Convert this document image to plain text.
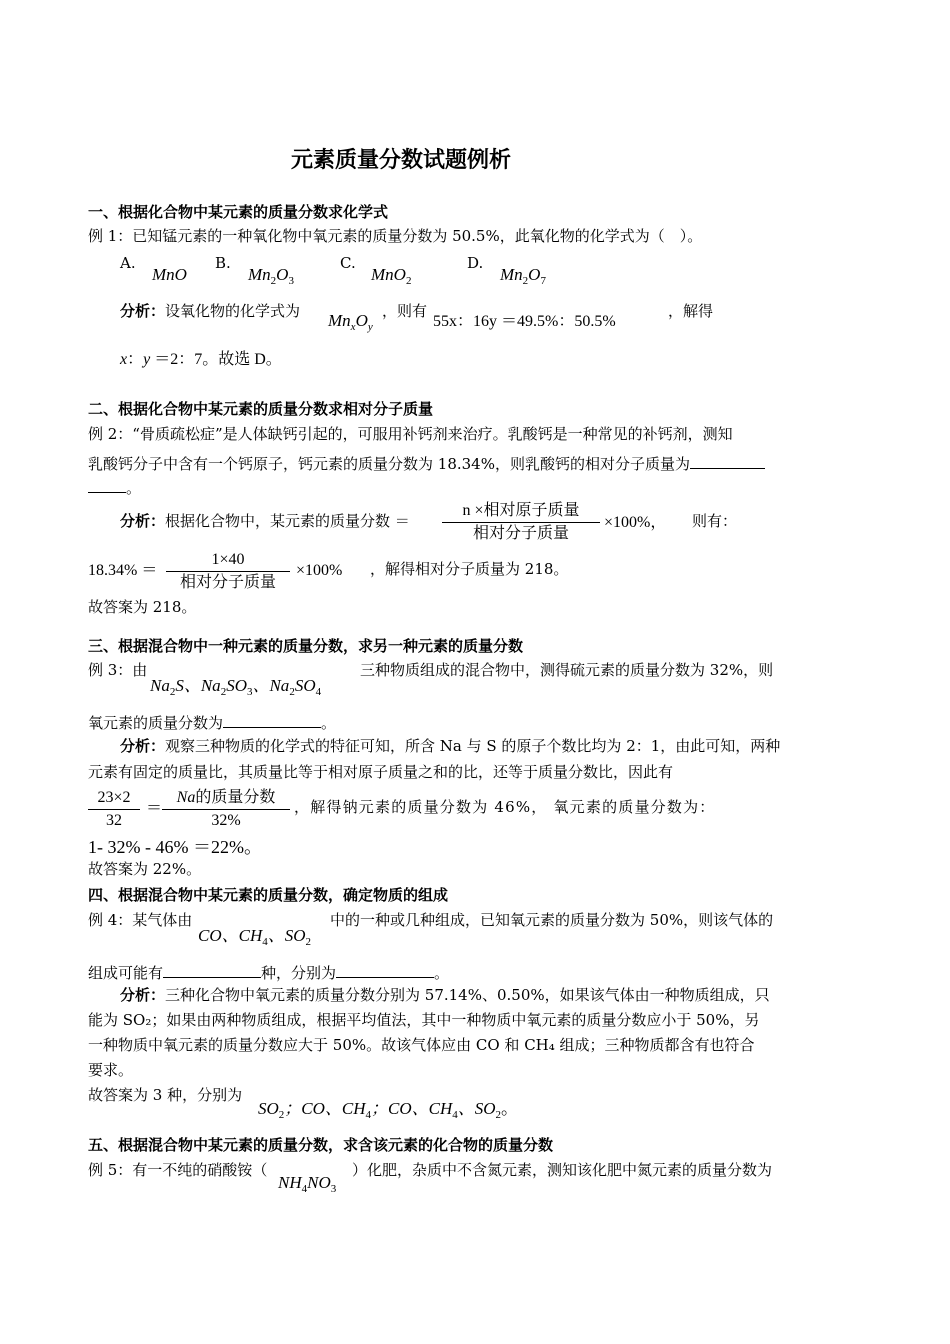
元素质量分数试题例析
一、根据化合物中某元素的质量分数求化学式
例 1：已知锰元素的一种氧化物中氧元素的质量分数为 50.5%，此氧化物的化学式为（　）。
A.
MnO
B.
$Mn_2O_3$
C.
MnO$_2$
D.
$Mn_2O_7$
分析：设氧化物的化学式为 $Mn_xO_y$
，则有
55x：16y ＝49.5%：50.5%
，解得
x：y ＝2：7。故选 D。
二、根据化合物中某元素的质量分数求相对分子质量
例 2：“骨质疏松症”是人体缺钙引起的，可服用补钙剂来治疗。乳酸钙是一种常见的补钙剂，测知
乳酸钙分子中含有一个钙原子，钙元素的质量分数为 18.34%，则乳酸钙的相对分子质量为
。
分析：根据化合物中，某元素的质量分数 ＝
n ×相对原子质量
相对分子质量
×100%， 则有：
18.34% ＝
1×40
相对分子质量
×100% ，解得相对分子质量为 218。
故答案为 218。
三、根据混合物中一种元素的质量分数，求另一种元素的质量分数
例 3：由
$Na_2S$、$Na_2SO_3$、$Na_2SO_4$
三种物质组成的混合物中，测得硫元素的质量分数为 32%，则
氧元素的质量分数为	。
分析：观察三种物质的化学式的特征可知，所含 Na 与 S 的原子个数比均为 2：1，由此可知，两种
元素有固定的质量比，其质量比等于相对原子质量之和的比，还等于质量分数比，因此有
23×2
32
＝
Na的质量分数
32%
，解得钠元素的质量分数为 46%， 氧元素的质量分数为：
1- 32% - 46% ＝22%。
故答案为 22%。
四、根据混合物中某元素的质量分数，确定物质的组成
例 4：某气体由
CO、$CH_4$、$SO_2$
中的一种或几种组成，已知氧元素的质量分数为 50%，则该气体的
组成可能有	种，分别为	。
分析：三种化合物中氧元素的质量分数分别为 57.14%、0.50%，如果该气体由一种物质组成，只
能为 SO₂；如果由两种物质组成，根据平均值法，其中一种物质中氧元素的质量分数应小于 50%，另
一种物质中氧元素的质量分数应大于 50%。故该气体应由 CO 和 CH₄ 组成；三种物质都含有也符合
要求。
故答案为 3 种，分别为
$SO_2$；CO、$CH_4$；CO、$CH_4$、$SO_2$。
五、根据混合物中某元素的质量分数，求含该元素的化合物的质量分数
例 5：有一不纯的硝酸铵（
$NH_4NO_3$
）化肥，杂质中不含氮元素，测知该化肥中氮元素的质量分数为
